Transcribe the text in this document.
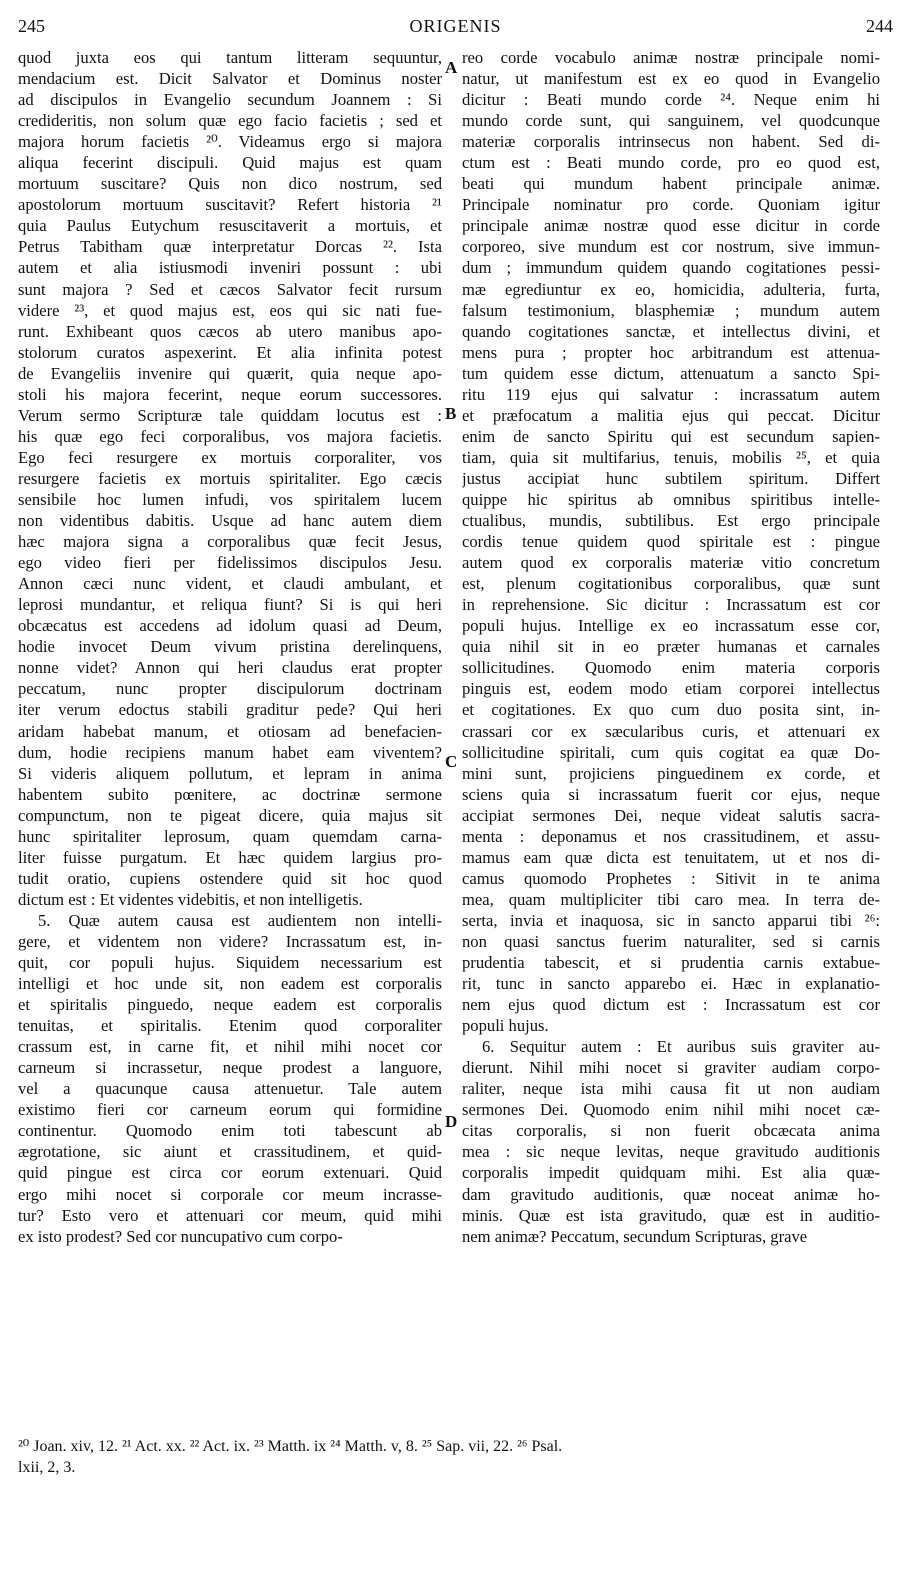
245	ORIGENIS	244

quod juxta eos qui tantum litteram sequuntur,

mendacium est. Dicit Salvator et Dominus noster

ad discipulos in Evangelio secundum Joannem : Si

credideritis, non solum quæ ego facio facietis ; sed et

majora horum facietis ²⁰. Videamus ergo si majora

aliqua fecerint discipuli. Quid majus est quam

mortuum suscitare? Quis non dico nostrum, sed

apostolorum mortuum suscitavit? Refert historia ²¹

quia Paulus Eutychum resuscitaverit a mortuis, et

Petrus Tabitham quæ interpretatur Dorcas ²². Ista

autem et alia istiusmodi inveniri possunt : ubi

sunt majora ? Sed et cæcos Salvator fecit rursum

videre ²³, et quod majus est, eos qui sic nati fue-

runt. Exhibeant quos cæcos ab utero manibus apo-

stolorum curatos aspexerint. Et alia infinita potest

de Evangeliis invenire qui quærit, quia neque apo-

stoli his majora fecerint, neque eorum successores.

Verum sermo Scripturæ tale quiddam locutus est :

his quæ ego feci corporalibus, vos majora facietis.

Ego feci resurgere ex mortuis corporaliter, vos

resurgere facietis ex mortuis spiritaliter. Ego cæcis

sensibile hoc lumen infudi, vos spiritalem lucem

non videntibus dabitis. Usque ad hanc autem diem

hæc majora signa a corporalibus quæ fecit Jesus,

ego video fieri per fidelissimos discipulos Jesu.

Annon cæci nunc vident, et claudi ambulant, et

leprosi mundantur, et reliqua fiunt? Si is qui heri

obcæcatus est accedens ad idolum quasi ad Deum,

hodie invocet Deum vivum pristina derelinquens,

nonne videt? Annon qui heri claudus erat propter

peccatum, nunc propter discipulorum doctrinam

iter verum edoctus stabili graditur pede? Qui heri

aridam habebat manum, et otiosam ad benefacien-

dum, hodie recipiens manum habet eam viventem?

Si videris aliquem pollutum, et lepram in anima

habentem subito pœnitere, ac doctrinæ sermone

compunctum, non te pigeat dicere, quia majus sit

hunc spiritaliter leprosum, quam quemdam carna-

liter fuisse purgatum. Et hæc quidem largius pro-

tudit oratio, cupiens ostendere quid sit hoc quod

dictum est : Et videntes videbitis, et non intelligetis.

5. Quæ autem causa est audientem non intelli-

gere, et videntem non videre? Incrassatum est, in-

quit, cor populi hujus. Siquidem necessarium est

intelligi et hoc unde sit, non eadem est corporalis

et spiritalis pinguedo, neque eadem est corporalis

tenuitas, et spiritalis. Etenim quod corporaliter

crassum est, in carne fit, et nihil mihi nocet cor

carneum si incrassetur, neque prodest a languore,

vel a quacunque causa attenuetur. Tale autem

existimo fieri cor carneum eorum qui formidine

continentur. Quomodo enim toti tabescunt ab

ægrotatione, sic aiunt et crassitudinem, et quid-

quid pingue est circa cor eorum extenuari. Quid

ergo mihi nocet si corporale cor meum incrasse-

tur? Esto vero et attenuari cor meum, quid mihi

ex isto prodest? Sed cor nuncupativo cum corpo-

reo corde vocabulo animæ nostræ principale nomi-

natur, ut manifestum est ex eo quod in Evangelio

dicitur : Beati mundo corde ²⁴. Neque enim hi

mundo corde sunt, qui sanguinem, vel quodcunque

materiæ corporalis intrinsecus non habent. Sed di-

ctum est : Beati mundo corde, pro eo quod est,

beati qui mundum habent principale animæ.

Principale nominatur pro corde. Quoniam igitur

principale animæ nostræ quod esse dicitur in corde

corporeo, sive mundum est cor nostrum, sive immun-

dum ; immundum quidem quando cogitationes pessi-

mæ egrediuntur ex eo, homicidia, adulteria, furta,

falsum testimonium, blasphemiæ ; mundum autem

quando cogitationes sanctæ, et intellectus divini, et

mens pura ; propter hoc arbitrandum est attenua-

tum quidem esse dictum, attenuatum a sancto Spi-

ritu 119 ejus qui salvatur : incrassatum autem

et præfocatum a malitia ejus qui peccat. Dicitur

enim de sancto Spiritu qui est secundum sapien-

tiam, quia sit multifarius, tenuis, mobilis ²⁵, et quia

justus accipiat hunc subtilem spiritum. Differt

quippe hic spiritus ab omnibus spiritibus intelle-

ctualibus, mundis, subtilibus. Est ergo principale

cordis tenue quidem quod spiritale est : pingue

autem quod ex corporalis materiæ vitio concretum

est, plenum cogitationibus corporalibus, quæ sunt

in reprehensione. Sic dicitur : Incrassatum est cor

populi hujus. Intellige ex eo incrassatum esse cor,

quia nihil sit in eo præter humanas et carnales

sollicitudines. Quomodo enim materia corporis

pinguis est, eodem modo etiam corporei intellectus

et cogitationes. Ex quo cum duo posita sint, in-

crassari cor ex sæcularibus curis, et attenuari ex

sollicitudine spiritali, cum quis cogitat ea quæ Do-

mini sunt, projiciens pinguedinem ex corde, et

sciens quia si incrassatum fuerit cor ejus, neque

accipiat sermones Dei, neque videat salutis sacra-

menta : deponamus et nos crassitudinem, et assu-

mamus eam quæ dicta est tenuitatem, ut et nos di-

camus quomodo Prophetes : Sitivit in te anima

mea, quam multipliciter tibi caro mea. In terra de-

serta, invia et inaquosa, sic in sancto apparui tibi ²⁶:

non quasi sanctus fuerim naturaliter, sed si carnis

prudentia tabescit, et si prudentia carnis extabue-

rit, tunc in sancto apparebo ei. Hæc in explanatio-

nem ejus quod dictum est : Incrassatum est cor

populi hujus.

6. Sequitur autem : Et auribus suis graviter au-

dierunt. Nihil mihi nocet si graviter audiam corpo-

raliter, neque ista mihi causa fit ut non audiam

sermones Dei. Quomodo enim nihil mihi nocet cæ-

citas corporalis, si non fuerit obcæcata anima

mea : sic neque levitas, neque gravitudo auditionis

corporalis impedit quidquam mihi. Est alia quæ-

dam gravitudo auditionis, quæ noceat animæ ho-

minis. Quæ est ista gravitudo, quæ est in auditio-

nem animæ? Peccatum, secundum Scripturas, grave

A
B
C
D
²⁰ Joan. xiv, 12. ²¹ Act. xx. ²² Act. ix. ²³ Matth. ix ²⁴ Matth. v, 8. ²⁵ Sap. vii, 22. ²⁶ Psal.
lxii, 2, 3.
